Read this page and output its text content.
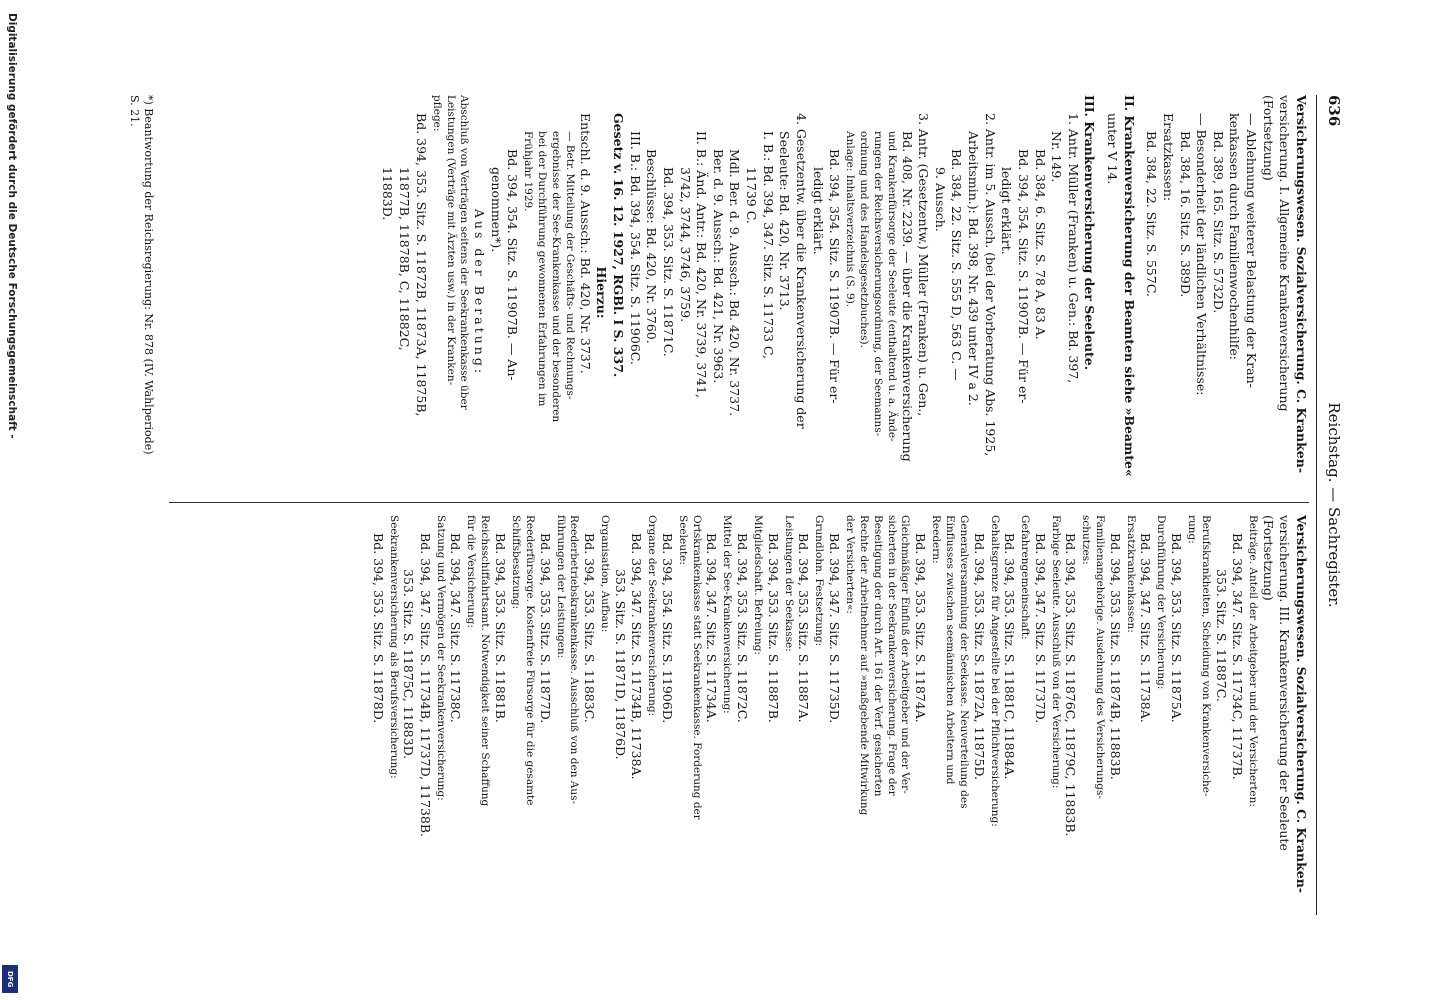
Digitalisierung gefördert durch die Deutsche Forschungsgemeinschaft -
DFG
636
Reichstag. — Sachregister.
Versicherungswesen. Sozialversicherung. C. Kranken-
versicherung. I. Allgemeine Krankenversicherung
(Fortsetzung)
— Ablehnung weiterer Belastung der Kran-
kenkassen durch Familienwochenhilfe:
Bd. 389, 165. Sitz. S. 5732D.
— Besonderheit der ländlichen Verhältnisse:
Bd. 384, 16. Sitz. S. 389D.
Ersatzkassen:
Bd. 384, 22. Sitz. S. 557C.
II. Krankenversicherung der Beamten siehe »Beamte«
unter V 14.
III. Krankenversicherung der Seeleute.
1. Antr. Müller (Franken) u. Gen.: Bd. 397,
Nr. 149.
Bd. 384, 6. Sitz. S. 78 A, 83 A.
Bd. 394, 354. Sitz. S. 11907B. — Für er-
ledigt erklärt.
2. Antr. im 5. Aussch. (bei der Vorberatung Abs. 1925,
Arbeitsmin.): Bd. 398, Nr. 439 unter IV a 2.
Bd. 384, 22. Sitz. S. 555 D, 563 C. —
9. Aussch.
3. Antr. (Gesetzentw.) Müller (Franken) u. Gen.,
Bd. 408, Nr. 2239. — über die Krankenversicherung
und Krankenfürsorge der Seeleute (enthaltend u. a. Ände-
rungen der Reichsversicherungsordnung, der Seemanns-
ordnung und des Handelsgesetzbuches).
Anlage: Inhaltsverzeichnis (S. 9).
Bd. 394, 354. Sitz. S. 11907B. — Für er-
ledigt erklärt.
4. Gesetzentw. über die Krankenversicherung der
Seeleute: Bd. 420, Nr. 3713.
I. B.: Bd. 394, 347. Sitz. S. 11733 C,
11739 C.
Mdl. Ber. d. 9. Aussch.: Bd. 420, Nr. 3737.
Ber. d. 9. Aussch.: Bd. 421, Nr. 3963.
II. B.: Änd. Antr.: Bd. 420, Nr. 3739, 3741,
3742, 3744, 3746, 3759.
Bd. 394, 353. Sitz. S. 11871C.
Beschlüsse: Bd. 420, Nr. 3760.
III. B.: Bd. 394, 354. Sitz. S. 11906C.
Gesetz v. 16. 12. 1927, RGBl. I S. 337.
Hierzu:
Entschl. d. 9. Aussch.: Bd. 420, Nr. 3737.
— Betr. Mitteilung der Geschäfts- und Rechnungs-
ergebnisse der See-Krankenkasse und der besonderen
bei der Durchführung gewonnenen Erfahrungen im
Frühjahr 1929.
Bd. 394, 354. Sitz. S. 11907B. — An-
genommen*).
Aus der Beratung:
Abschluß von Verträgen seitens der Seekrankenkasse über
Leistungen (Verträge mit Ärzten usw.) in der Kranken-
pflege:
Bd. 394, 353. Sitz. S. 11872B, 11873A, 11875B,
11877B, 11878B, C, 11882C,
11883D.
Versicherungswesen. Sozialversicherung. C. Kranken-
versicherung. III. Krankenversicherung der Seeleute
(Fortsetzung)
Beiträge. Anteil der Arbeitgeber und der Versicherten:
Bd. 394, 347. Sitz. S. 11734C, 11737B.
353. Sitz. S. 11887C.
Berufskrankheiten, Scheidung von Krankenversiche-
rung:
Bd. 394, 353. Sitz. S. 11875A.
Durchführung der Versicherung:
Bd. 394, 347. Sitz. S. 11738A.
Ersatzkrankenkassen:
Bd. 394, 353. Sitz. S. 11874B, 11883B.
Familienangehörige. Ausdehnung des Versicherungs-
schutzes:
Bd. 394, 353. Sitz. S. 11876C, 11879C, 11883B.
Farbige Seeleute. Ausschluß von der Versicherung:
Bd. 394, 347. Sitz. S. 11737D.
Gefahrengemeinschaft:
Bd. 394, 353. Sitz. S. 11881C, 11884A.
Gehaltsgrenze für Angestellte bei der Pflichtversicherung:
Bd. 394, 353. Sitz. S. 11872A, 11875D.
Generalversammlung der Seekasse. Neuverteilung des
Einflusses zwischen seemännischen Arbeitern und
Reedern:
Bd. 394, 353. Sitz. S. 11874A.
Gleichmäßiger Einfluß der Arbeitgeber und der Ver-
sicherten in der Seekrankenversicherung. Frage der
Beseitigung der durch Art. 161 der Verf. gesicherten
Rechte der Arbeitnehmer auf »maßgebende Mitwirkung
der Versicherten«:
Bd. 394, 347. Sitz. S. 11735D.
Grundlohn. Festsetzung:
Bd. 394, 353. Sitz. S. 11887A.
Leistungen der Seekasse:
Bd. 394, 353. Sitz. S. 11887B.
Mitgliedschaft. Befreiung:
Bd. 394, 353. Sitz. S. 11872C.
Mittel der See-Krankenversicherung:
Bd. 394, 347. Sitz. S. 11734A.
Ortskrankenkasse statt Seekrankenkasse. Forderung der
Seeleute:
Bd. 394, 354. Sitz. S. 11906D.
Organe der Seekrankenversicherung:
Bd. 394, 347. Sitz. S. 11734B, 11738A.
353. Sitz. S. 11871D, 11876D.
Organisation, Aufbau:
Bd. 394, 353. Sitz. S. 11883C.
Reederbetriebskrankenkasse. Ausschluß von den Aus-
führungen der Leistungen:
Bd. 394, 353. Sitz. S. 11877D.
Reederfürsorge. Kostenfreie Fürsorge für die gesamte
Schiffsbesatzung:
Bd. 394, 353. Sitz. S. 11881B.
Reichsschiffahrtsamt. Notwendigkeit seiner Schaffung
für die Versicherung:
Bd. 394, 347. Sitz. S. 11738C.
Satzung und Vermögen der Seekrankenversicherung:
Bd. 394, 347. Sitz. S. 11734B, 11737D, 11738B.
353. Sitz. S. 11875C, 11883D.
Seekrankenversicherung als Berufsversicherung:
Bd. 394, 353. Sitz. S. 11878D.
*) Beantwortung der Reichsregierung: Nr. 878 (IV. Wahlperiode)
S. 21.
